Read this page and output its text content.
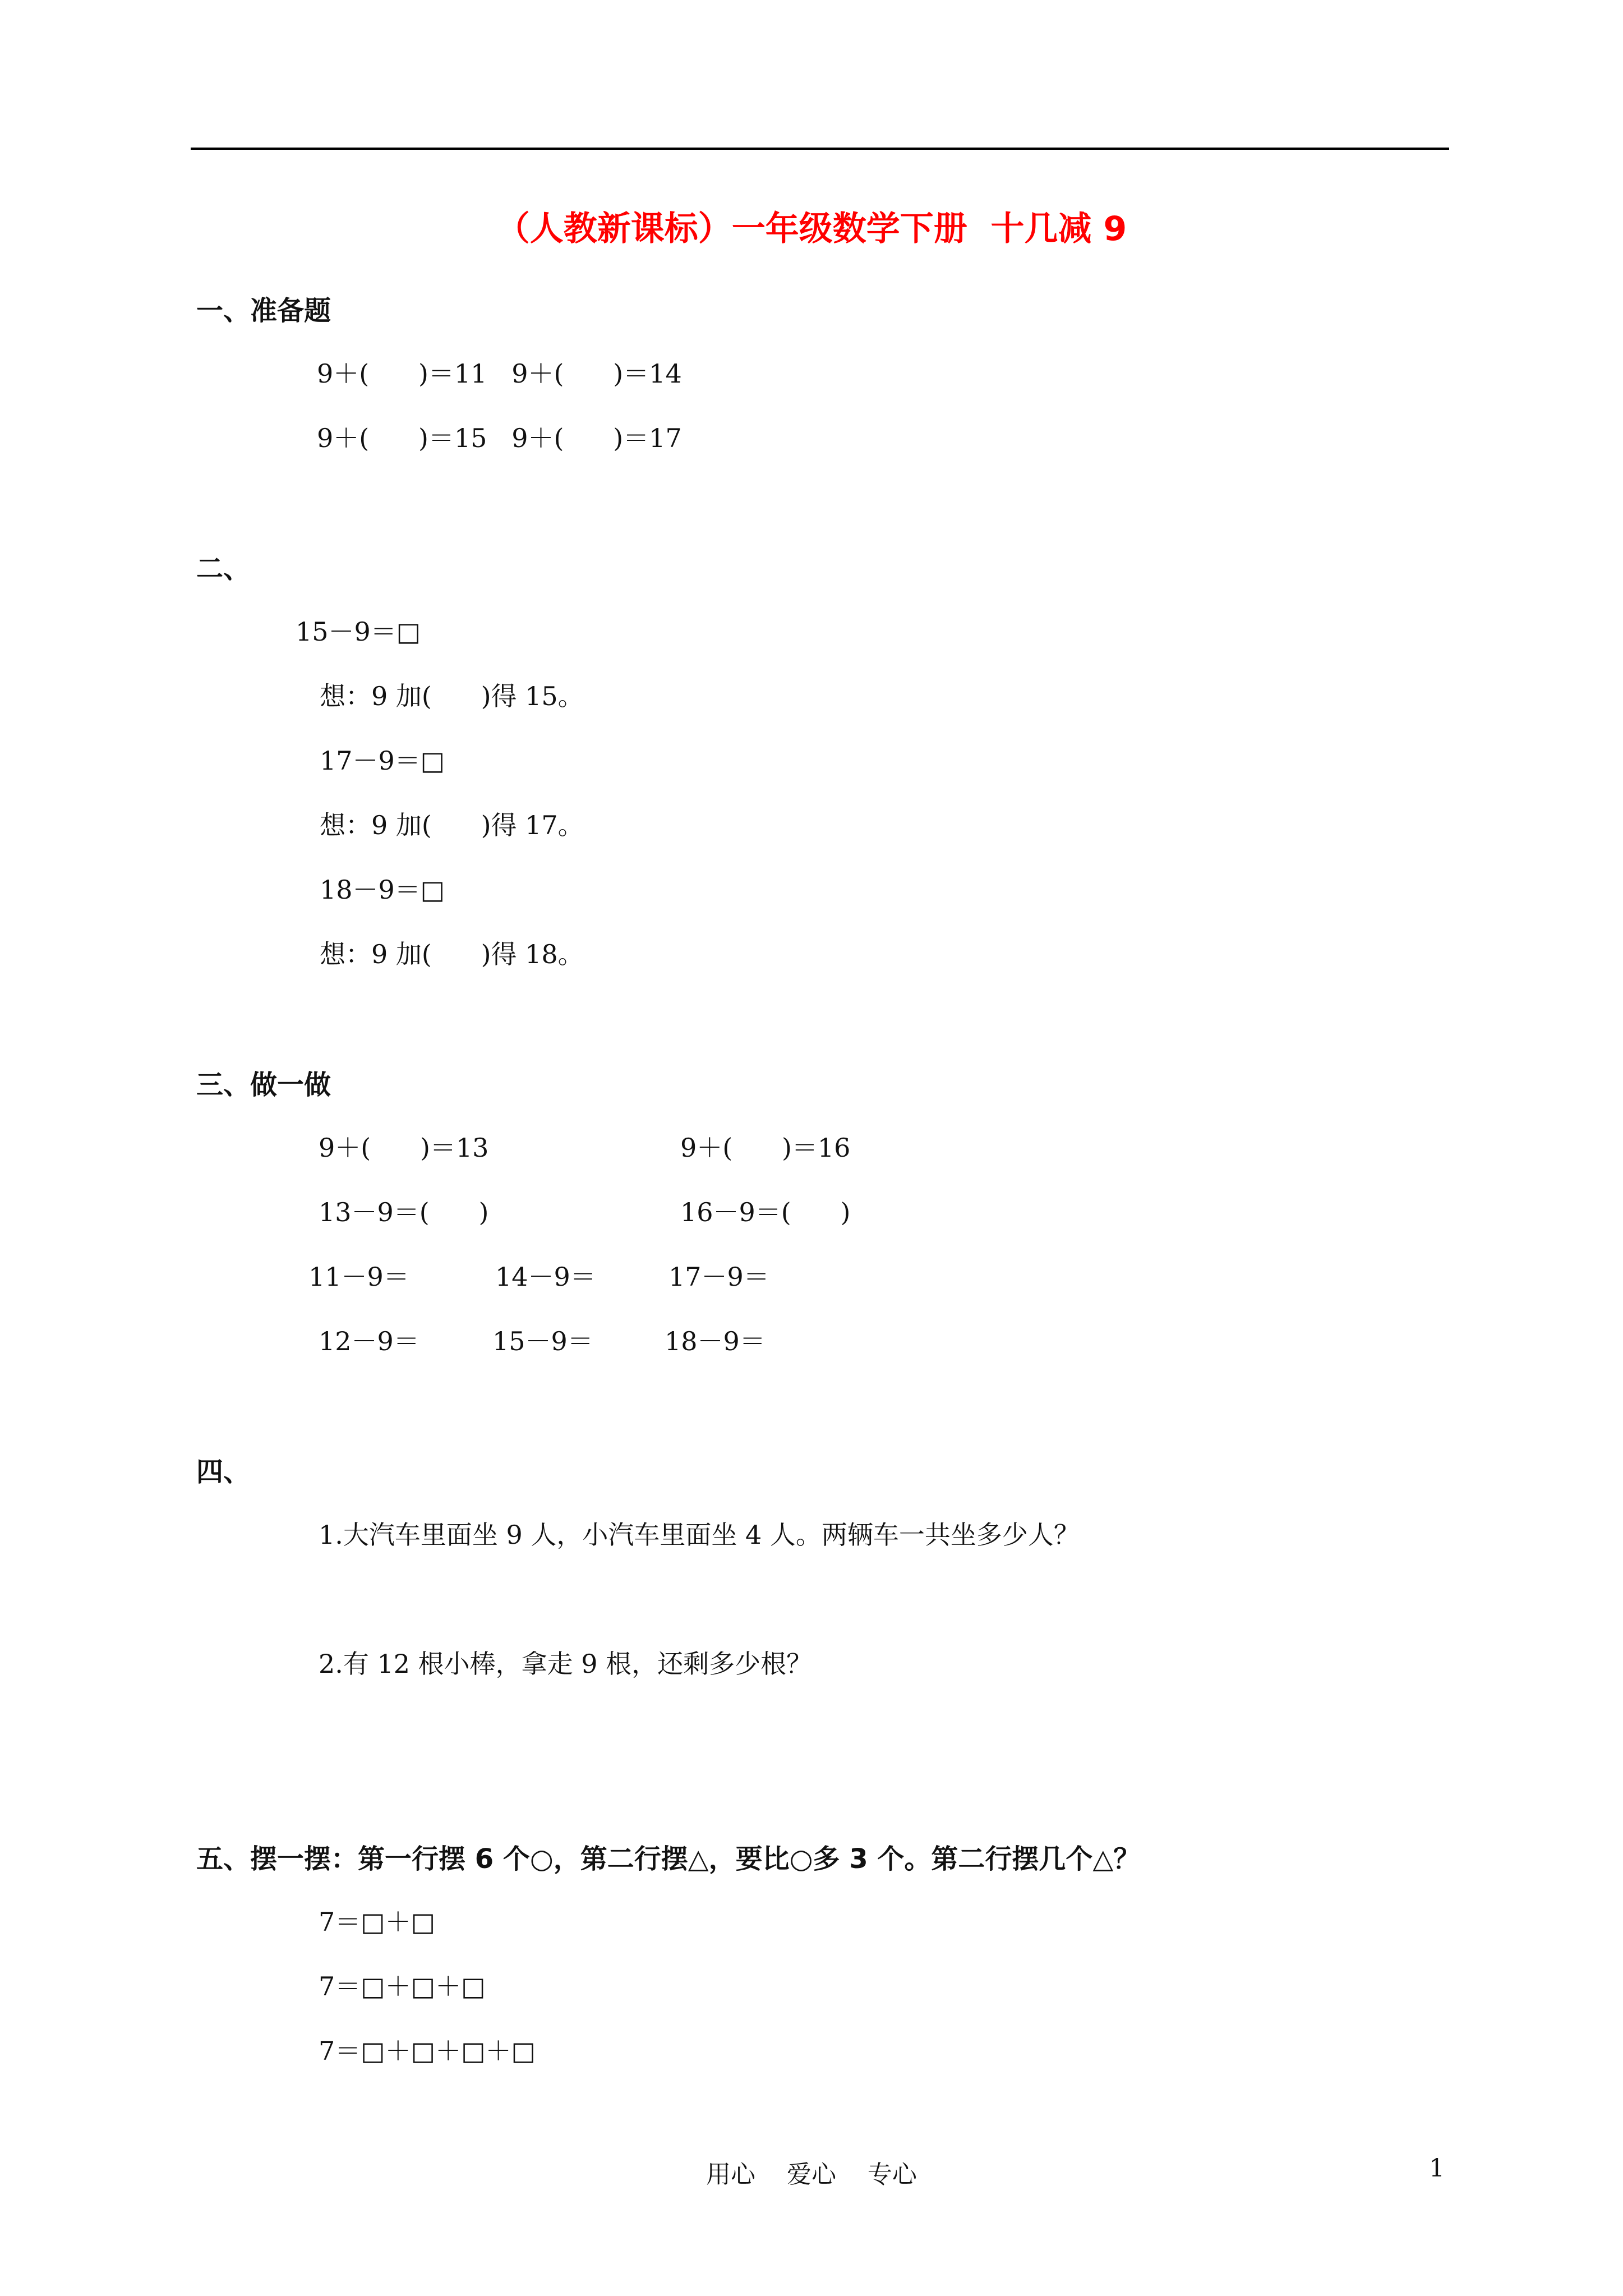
（人教新课标）一年级数学下册  十几减 9
一、准备题
9＋(      )＝11   9＋(      )＝14
9＋(      )＝15   9＋(      )＝17
二、
15－9＝□
想：9 加(      )得 15。
17－9＝□
想：9 加(      )得 17。
18－9＝□
想：9 加(      )得 18。
三、做一做
9＋(      )＝13	9＋(      )＝16
13－9＝(      )	16－9＝(      )
11－9＝	14－9＝	17－9＝
12－9＝	15－9＝	18－9＝
四、
1.大汽车里面坐 9 人，小汽车里面坐 4 人。两辆车一共坐多少人？
2.有 12 根小棒，拿走 9 根，还剩多少根？
五、摆一摆：第一行摆 6 个○，第二行摆△，要比○多 3 个。第二行摆几个△？
7＝□＋□
7＝□＋□＋□
7＝□＋□＋□＋□
用心    爱心    专心	1
